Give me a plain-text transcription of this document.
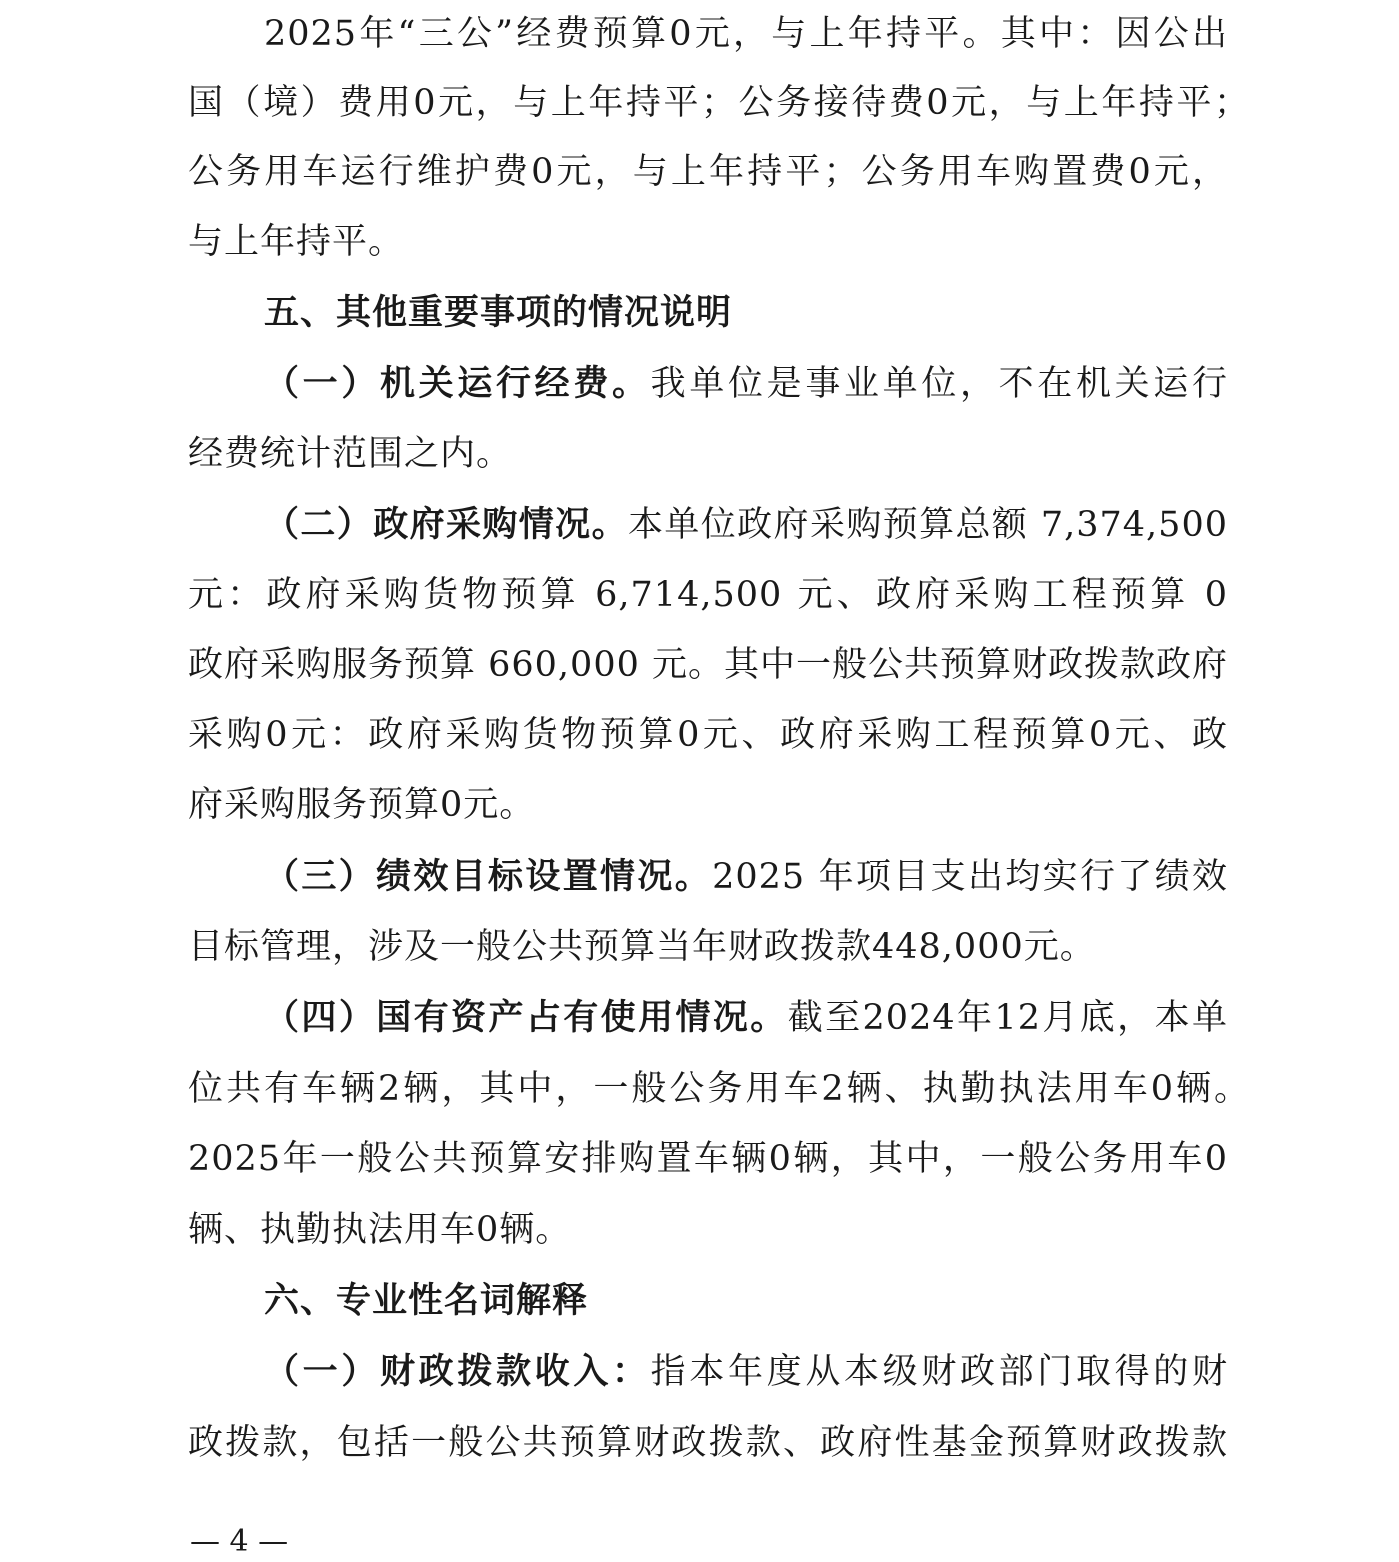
2025年“三公”经费预算0元，与上年持平。其中：因公出
国（境）费用0元，与上年持平；公务接待费0元，与上年持平；
公务用车运行维护费0元，与上年持平；公务用车购置费0元，
与上年持平。
五、其他重要事项的情况说明
（一）机关运行经费。我单位是事业单位，不在机关运行
经费统计范围之内。
（二）政府采购情况。本单位政府采购预算总额 7,374,500
元：政府采购货物预算 6,714,500 元、政府采购工程预算 0
政府采购服务预算 660,000 元。其中一般公共预算财政拨款政府
采购0元：政府采购货物预算0元、政府采购工程预算0元、政
府采购服务预算0元。
（三）绩效目标设置情况。2025 年项目支出均实行了绩效
目标管理，涉及一般公共预算当年财政拨款448,000元。
（四）国有资产占有使用情况。截至2024年12月底，本单
位共有车辆2辆，其中，一般公务用车2辆、执勤执法用车0辆。
2025年一般公共预算安排购置车辆0辆，其中，一般公务用车0
辆、执勤执法用车0辆。
六、专业性名词解释
（一）财政拨款收入：指本年度从本级财政部门取得的财
政拨款，包括一般公共预算财政拨款、政府性基金预算财政拨款
— 4 —
